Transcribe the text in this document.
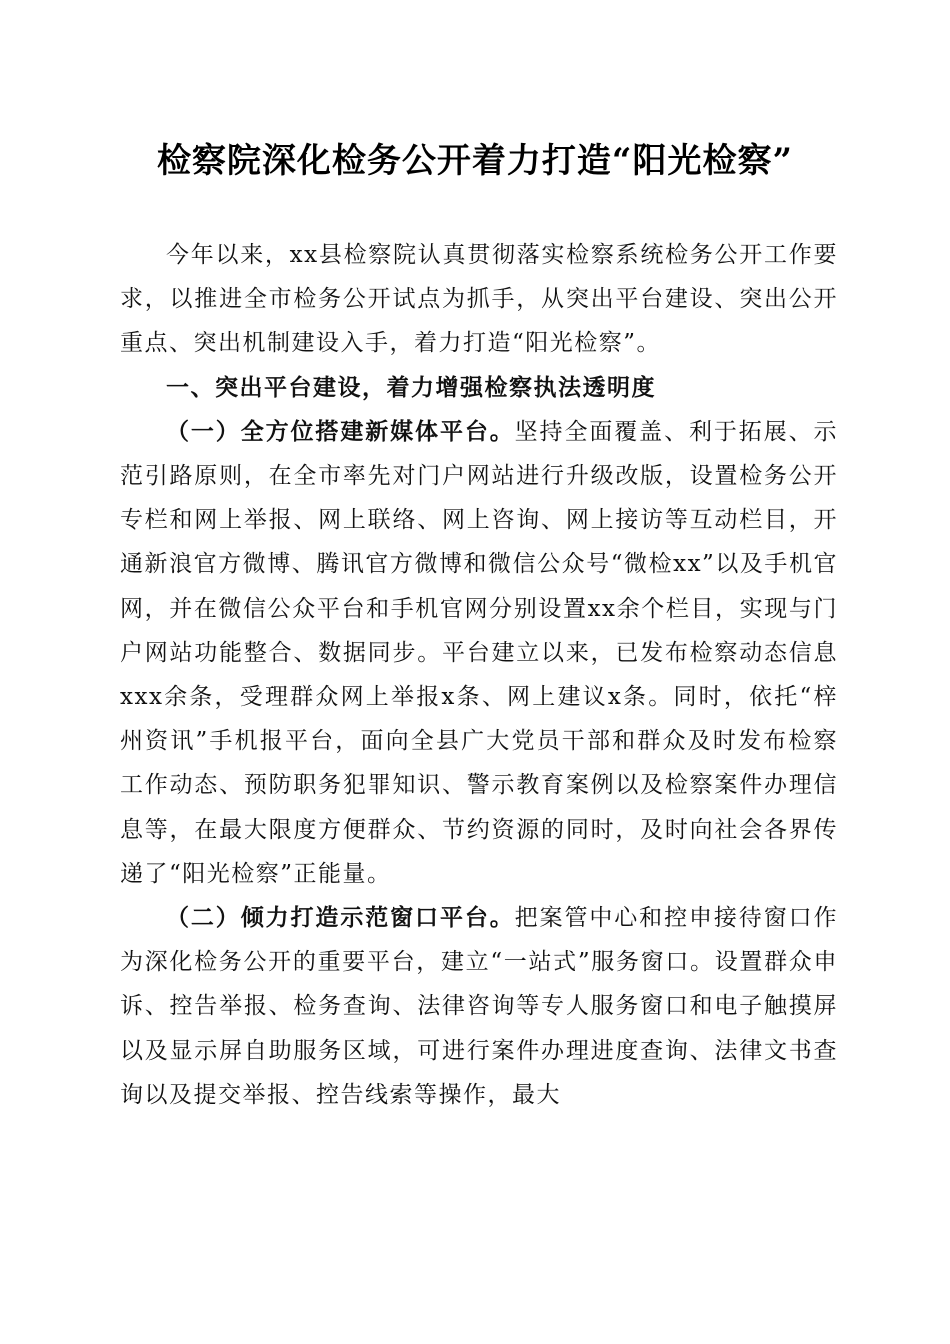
检察院深化检务公开着力打造“阳光检察”

今年以来，xx县检察院认真贯彻落实检察系统检务公开工作要求，以推进全市检务公开试点为抓手，从突出平台建设、突出公开重点、突出机制建设入手，着力打造“阳光检察”。

一、突出平台建设，着力增强检察执法透明度

（一）全方位搭建新媒体平台。坚持全面覆盖、利于拓展、示范引路原则，在全市率先对门户网站进行升级改版，设置检务公开专栏和网上举报、网上联络、网上咨询、网上接访等互动栏目，开通新浪官方微博、腾讯官方微博和微信公众号“微检xx”以及手机官网，并在微信公众平台和手机官网分别设置xx余个栏目，实现与门户网站功能整合、数据同步。平台建立以来，已发布检察动态信息xxx余条，受理群众网上举报x条、网上建议x条。同时，依托“梓州资讯”手机报平台，面向全县广大党员干部和群众及时发布检察工作动态、预防职务犯罪知识、警示教育案例以及检察案件办理信息等，在最大限度方便群众、节约资源的同时，及时向社会各界传递了“阳光检察”正能量。

（二）倾力打造示范窗口平台。把案管中心和控申接待窗口作为深化检务公开的重要平台，建立“一站式”服务窗口。设置群众申诉、控告举报、检务查询、法律咨询等专人服务窗口和电子触摸屏以及显示屏自助服务区域，可进行案件办理进度查询、法律文书查询以及提交举报、控告线索等操作，最大
